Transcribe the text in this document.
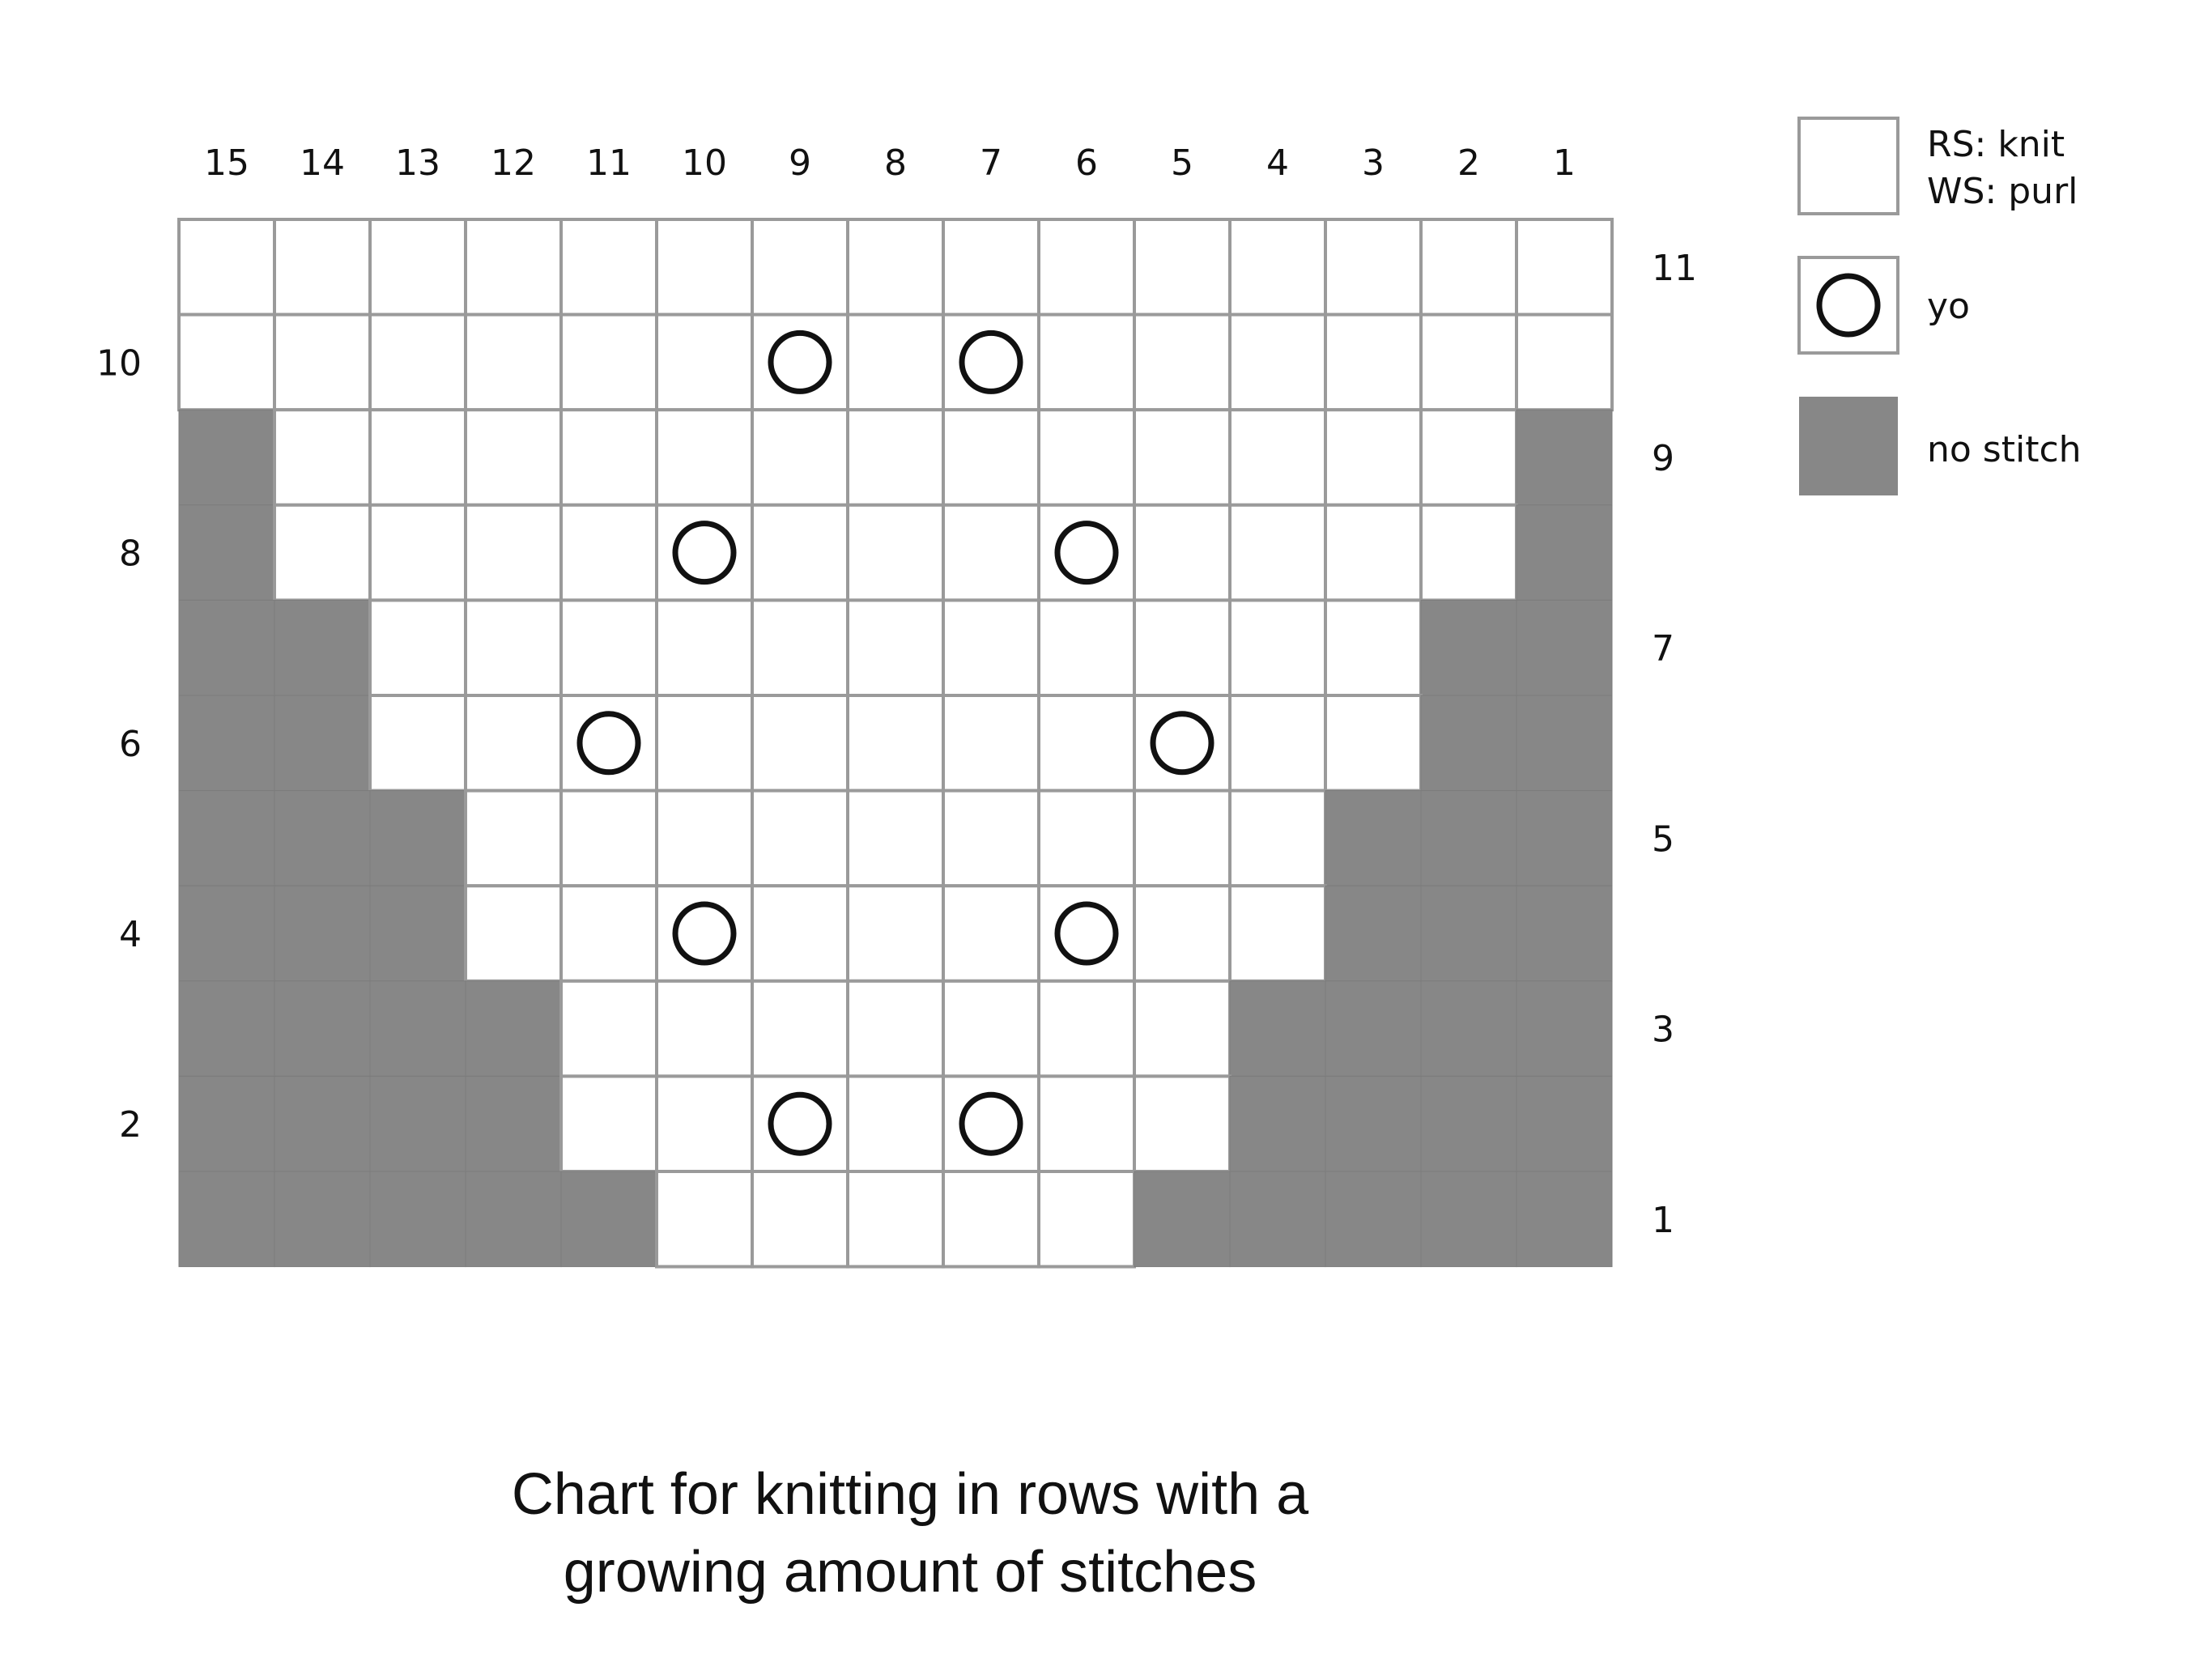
15 14 13 12 11 10 9 8 7 6 5 4 3 2 1
11
9
7
5
3
1
10
8
6
4
2
RS: knit
WS: purl
yo
no stitch
Chart for knitting in rows with a
growing amount of stitches
